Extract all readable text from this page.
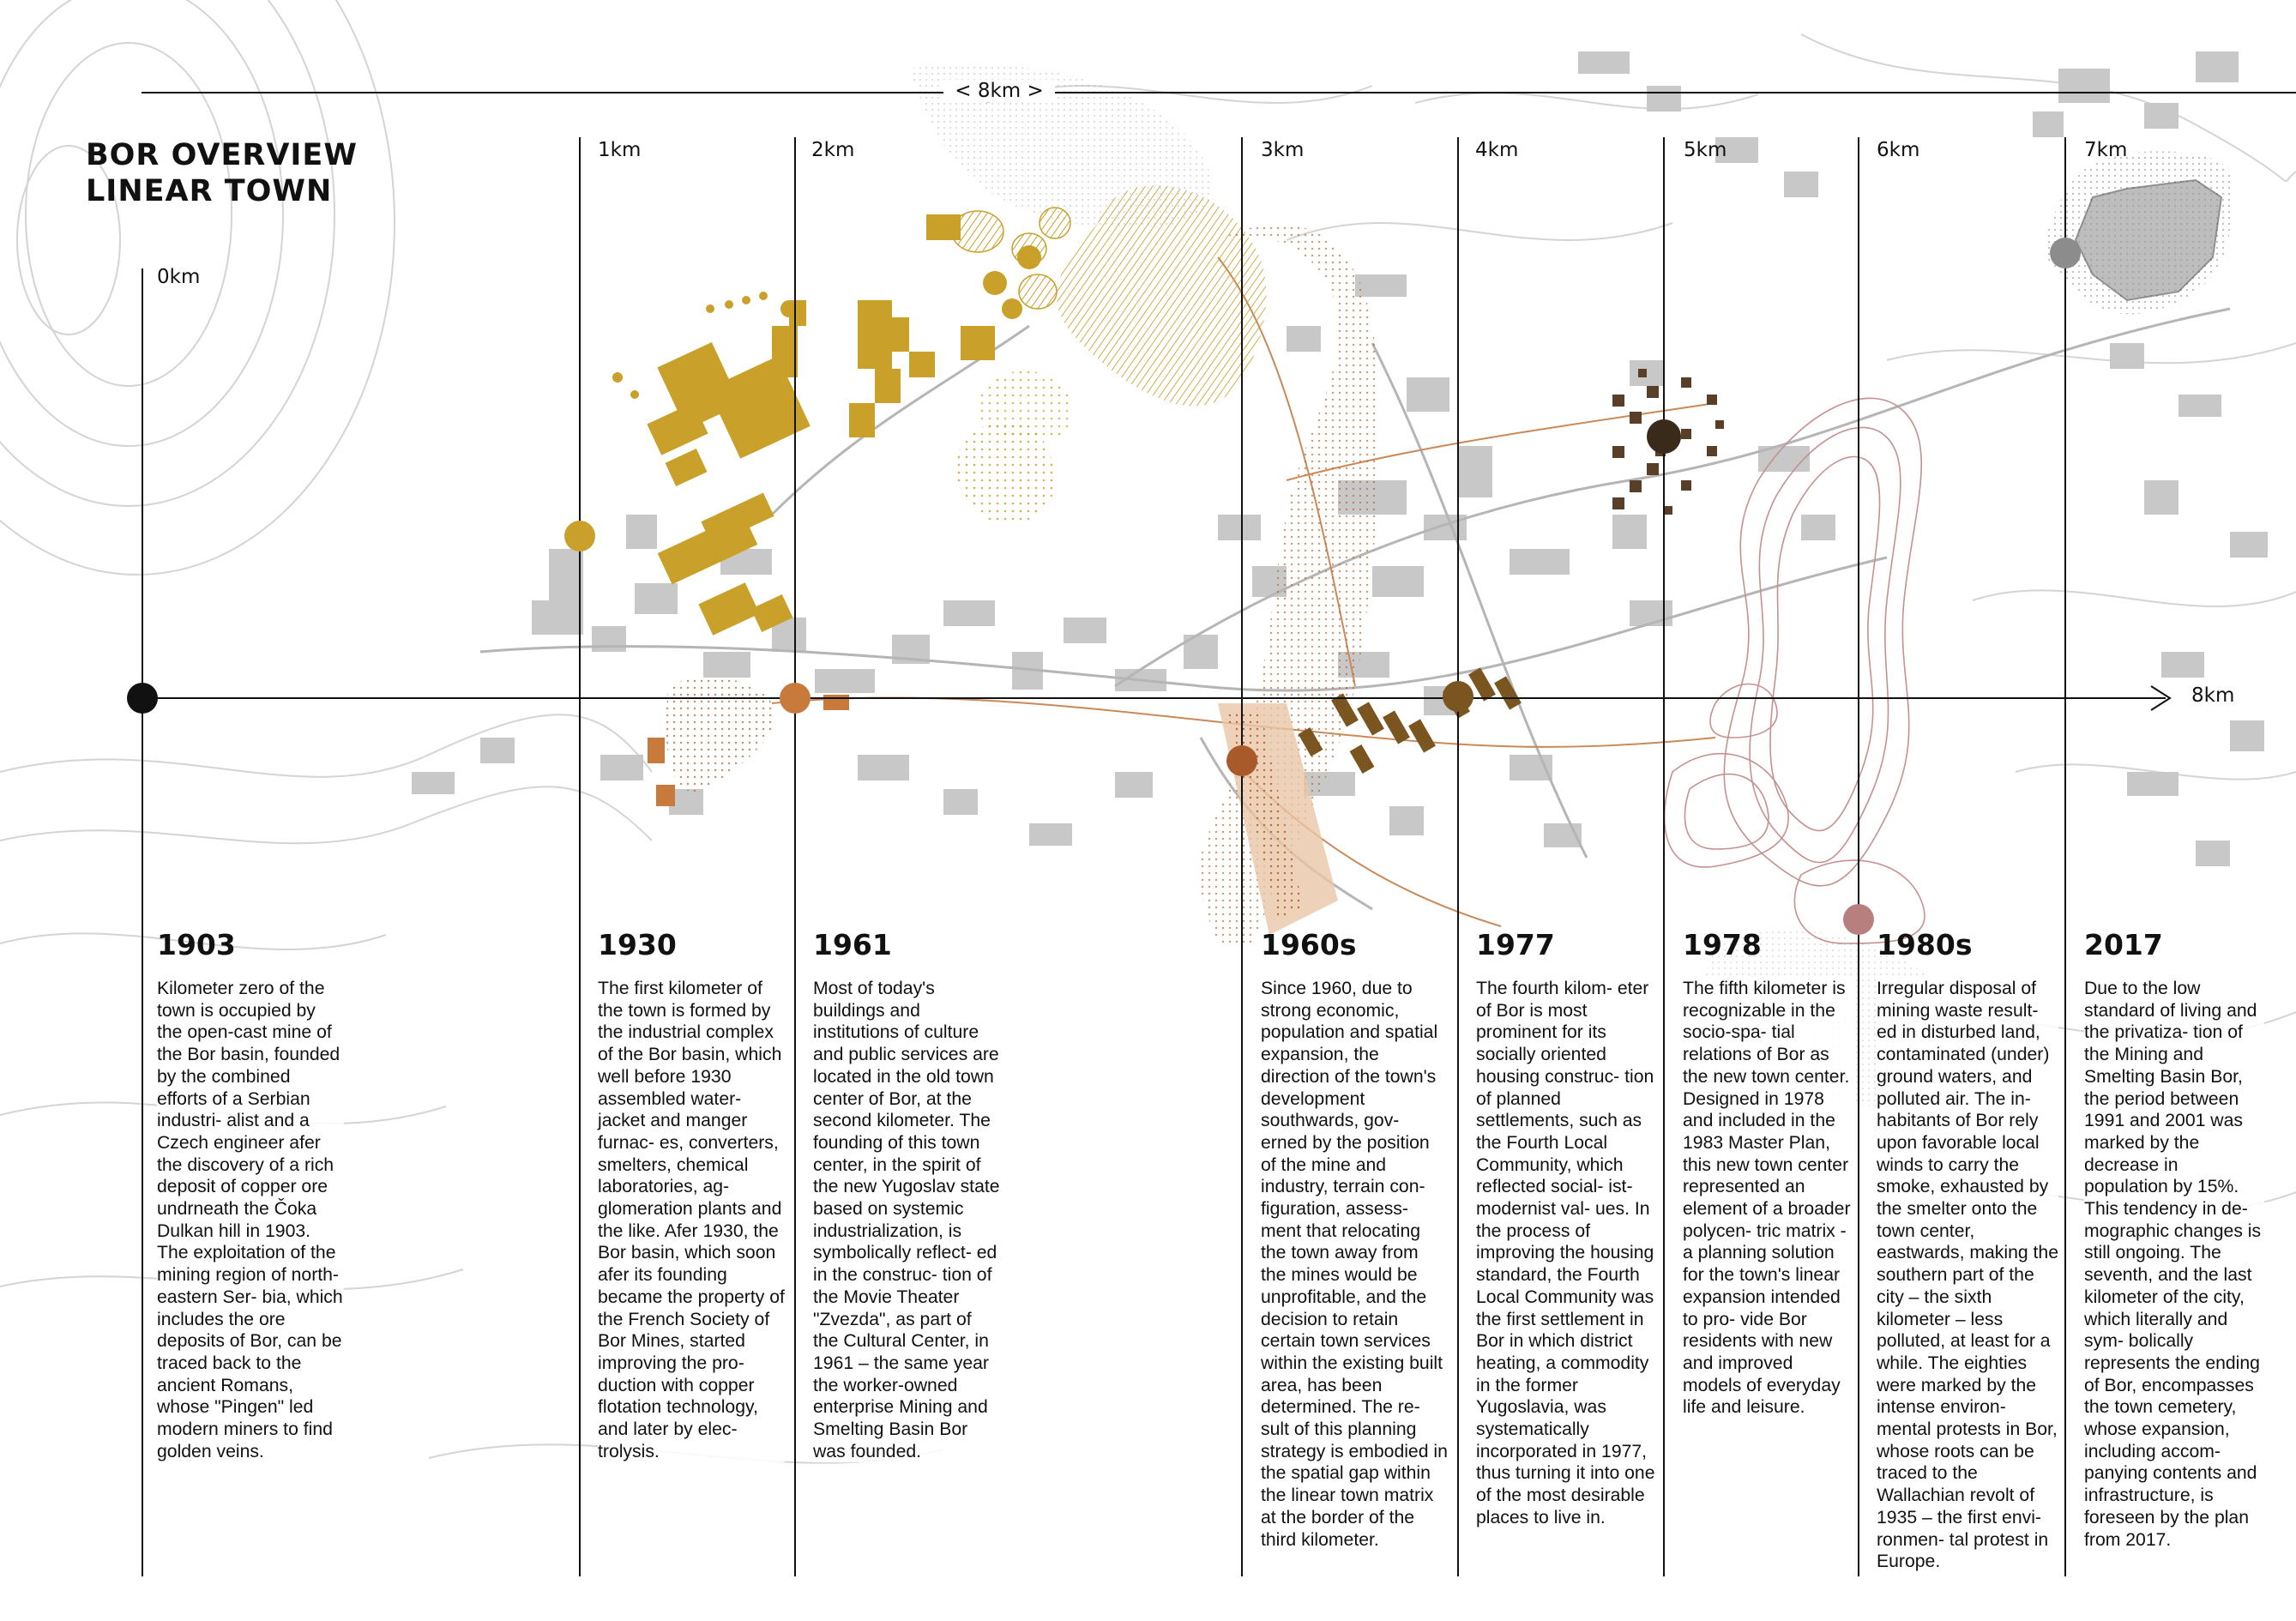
BOR OVERVIEW
LINEAR TOWN
< 8km >
0km
1km	2km	3km	4km	5km	6km	7km
8km
1903

Kilometer zero of the town is occupied by the open-cast mine of the Bor basin, founded by the combined efforts of a Serbian industri- alist and a Czech engineer afer the discovery of a rich deposit of copper ore undrneath the Čoka Dulkan hill in 1903. The exploitation of the mining region of north-eastern Ser- bia, which includes the ore deposits of Bor, can be traced back to the ancient Romans, whose "Pingen" led modern miners to find golden veins.

1930

The first kilometer of the town is formed by the industrial complex of the Bor basin, which well before 1930 assembled water-jacket and manger furnac- es, converters, smelters, chemical laboratories, ag- glomeration plants and the like. Afer 1930, the Bor basin, which soon afer its founding became the property of the French Society of Bor Mines, started improving the pro- duction with copper flotation technology, and later by elec- trolysis.

1961

Most of today's buildings and institutions of culture and public services are located in the old town center of Bor, at the second kilometer. The founding of this town center, in the spirit of the new Yugoslav state based on systemic industrialization, is symbolically reflect- ed in the construc- tion of the Movie Theater "Zvezda", as part of the Cultural Center, in 1961 – the same year the worker-owned enterprise Mining and Smelting Basin Bor was founded.

1960s

Since 1960, due to strong economic, population and spatial expansion, the direction of the town's development southwards, gov- erned by the position of the mine and industry, terrain con- figuration, assess- ment that relocating the town away from the mines would be unprofitable, and the decision to retain certain town services within the existing built area, has been determined. The re- sult of this planning strategy is embodied in the spatial gap within the linear town matrix at the border of the third kilometer.

1977

The fourth kilom- eter of Bor is most prominent for its socially oriented housing construc- tion of planned settlements, such as the Fourth Local Community, which reflected social- ist-modernist val- ues. In the process of improving the housing standard, the Fourth Local Community was the first settlement in Bor in which district heating, a commodity in the former Yugoslavia, was systematically incorporated in 1977, thus turning it into one of the most desirable places to live in.

1978

The fifth kilometer is recognizable in the socio-spa- tial relations of Bor as the new town center. Designed in 1978 and included in the 1983 Master Plan, this new town center represented an element of a broader polycen- tric matrix - a planning solution for the town's linear expansion intended to pro- vide Bor residents with new and improved models of everyday life and leisure.

1980s

Irregular disposal of mining waste result- ed in disturbed land, contaminated (under) ground waters, and polluted air. The in- habitants of Bor rely upon favorable local winds to carry the smoke, exhausted by the smelter onto the town center, eastwards, making the southern part of the city – the sixth kilometer – less polluted, at least for a while. The eighties were marked by the intense environ- mental protests in Bor, whose roots can be traced to the Wallachian revolt of 1935 – the first envi- ronmen- tal protest in Europe.

2017

Due to the low standard of living and the privatiza- tion of the Mining and Smelting Basin Bor, the period between 1991 and 2001 was marked by the decrease in population by 15%. This tendency in de- mographic changes is still ongoing. The seventh, and the last kilometer of the city, which literally and sym- bolically represents the ending of Bor, encompasses the town cemetery, whose expansion, including accom- panying contents and infrastructure, is foreseen by the plan from 2017.
